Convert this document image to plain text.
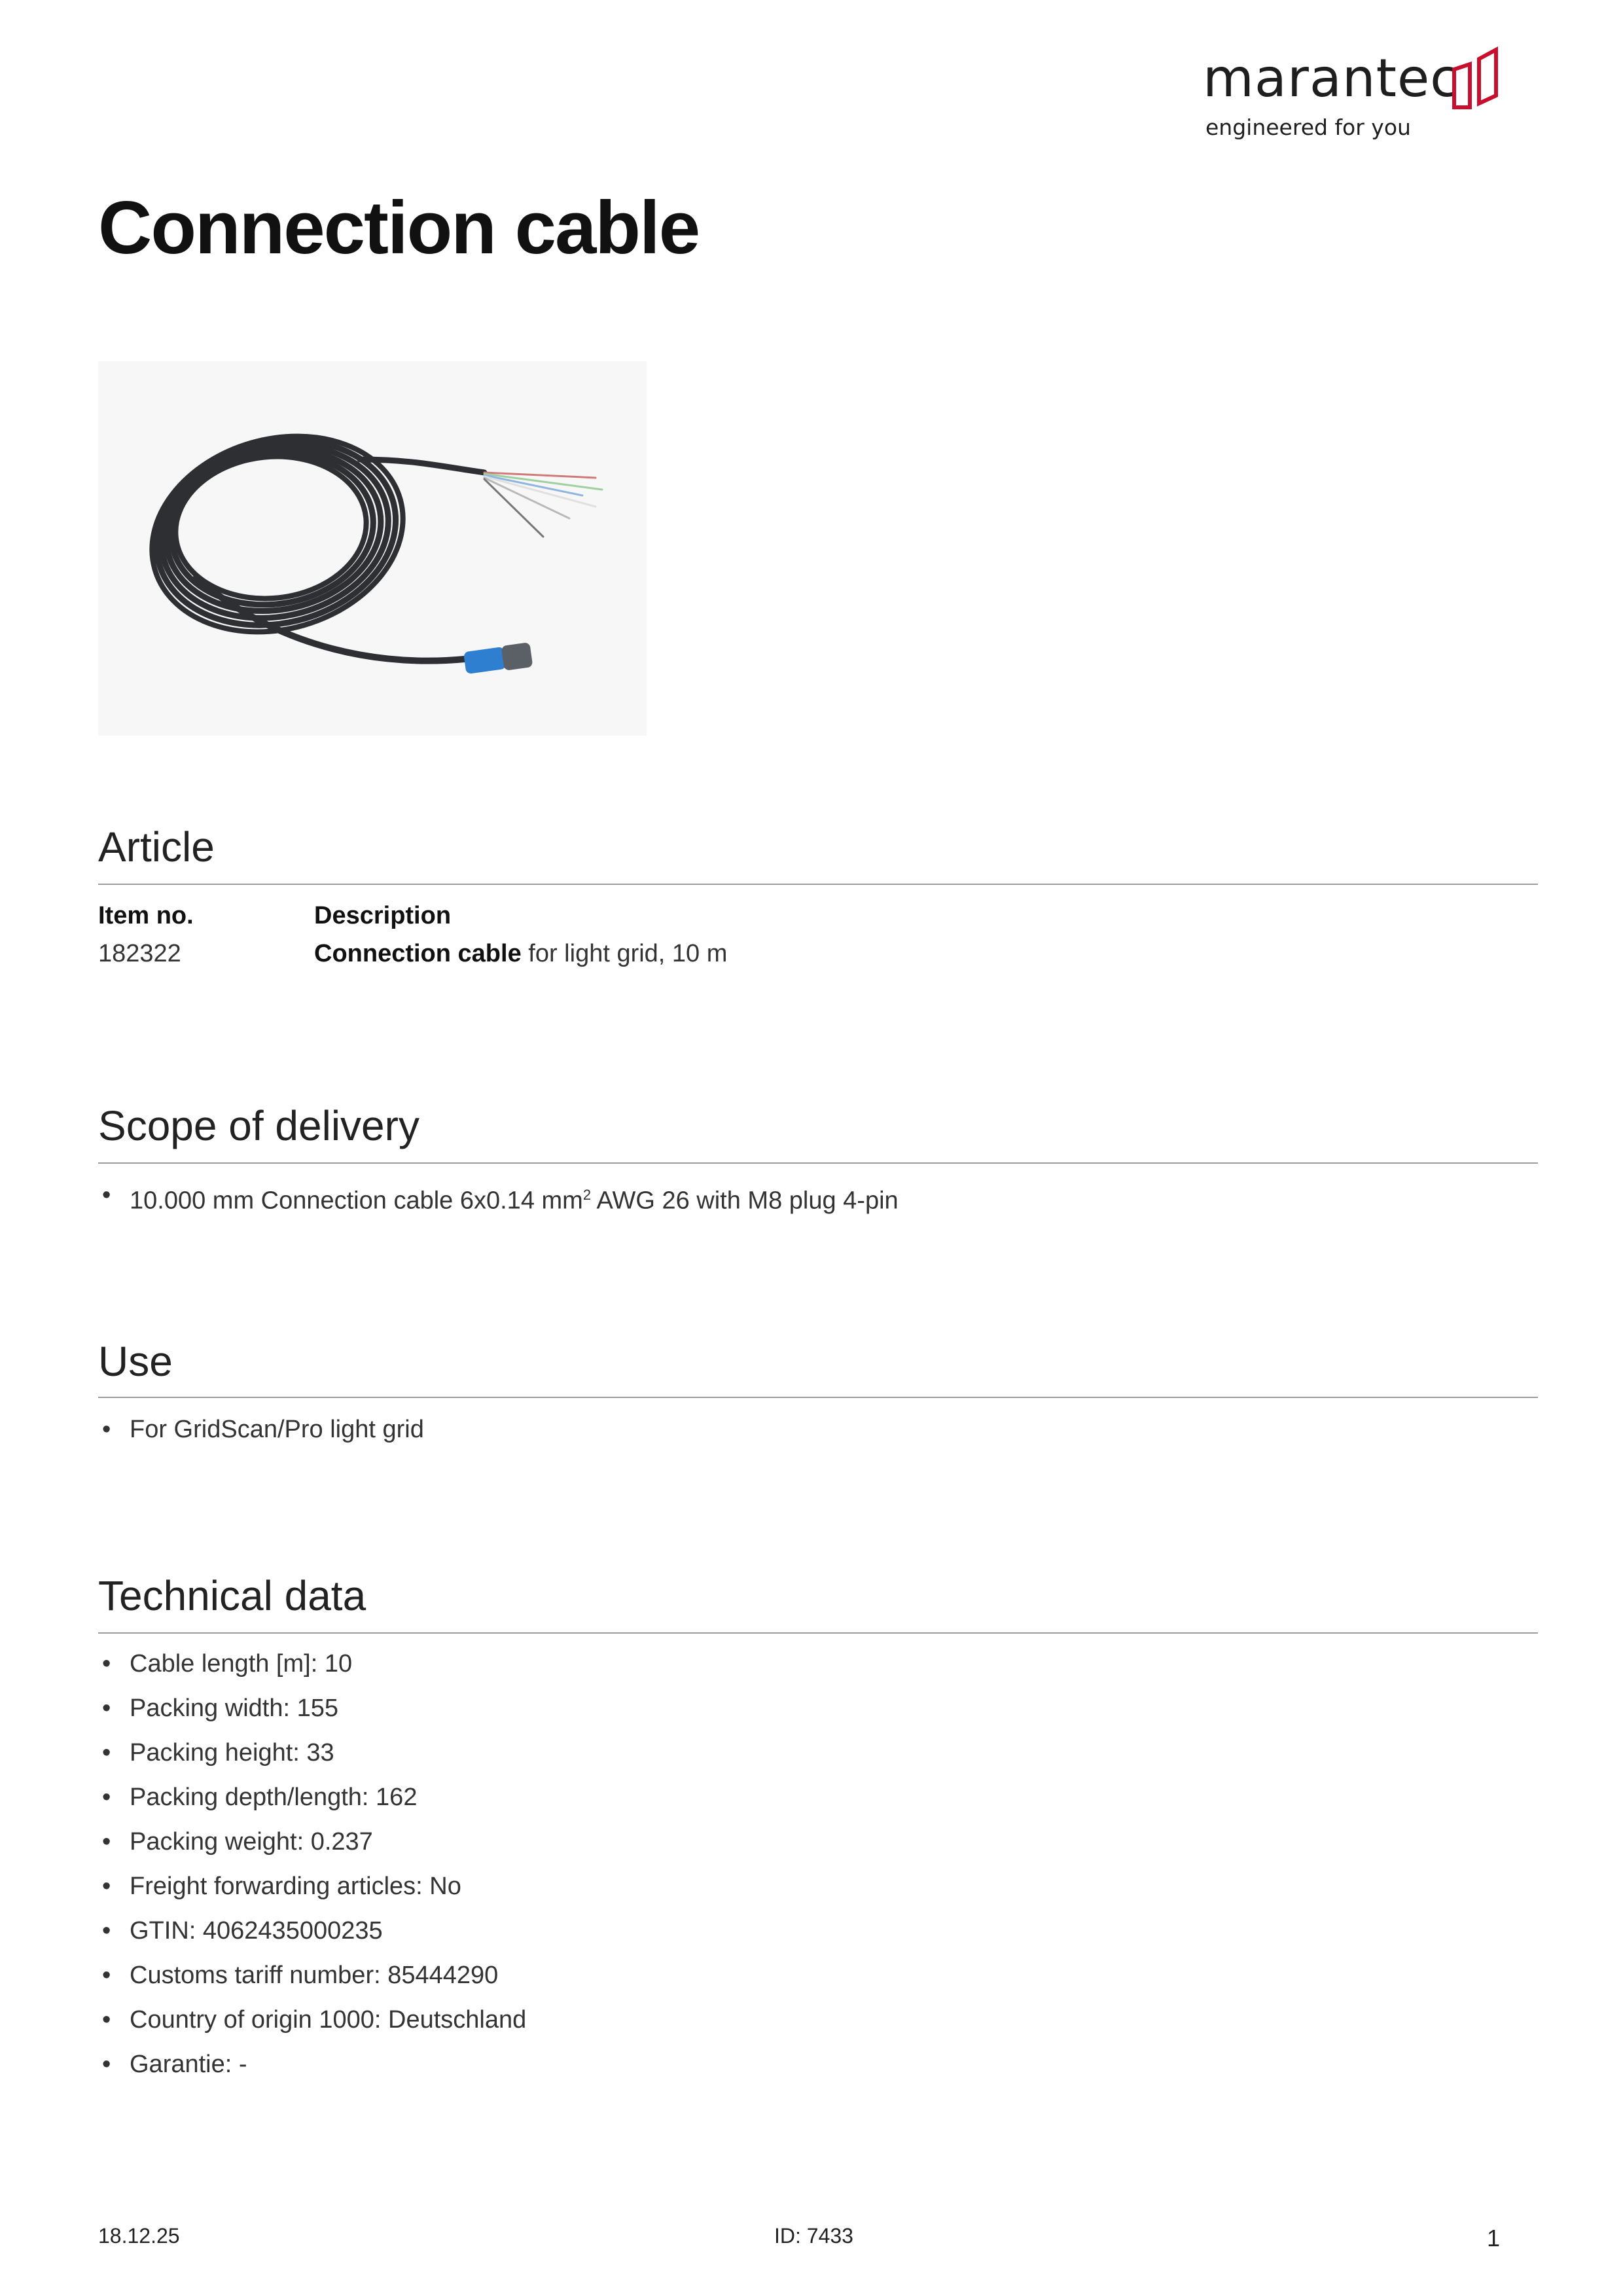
marantec
engineered for you
Connection cable
Article
Item no.	Description
182322	Connection cable for light grid, 10 m
Scope of delivery
• 10.000 mm Connection cable 6x0.14 $mm^2$ AWG 26 with M8 plug 4-pin
Use
• For GridScan/Pro light grid
Technical data
• Cable length [m]: 10
• Packing width: 155
• Packing height: 33
• Packing depth/length: 162
• Packing weight: 0.237
• Freight forwarding articles: No
• GTIN: 4062435000235
• Customs tariff number: 85444290
• Country of origin 1000: Deutschland
• Garantie: -
18.12.25	ID: 7433	1
